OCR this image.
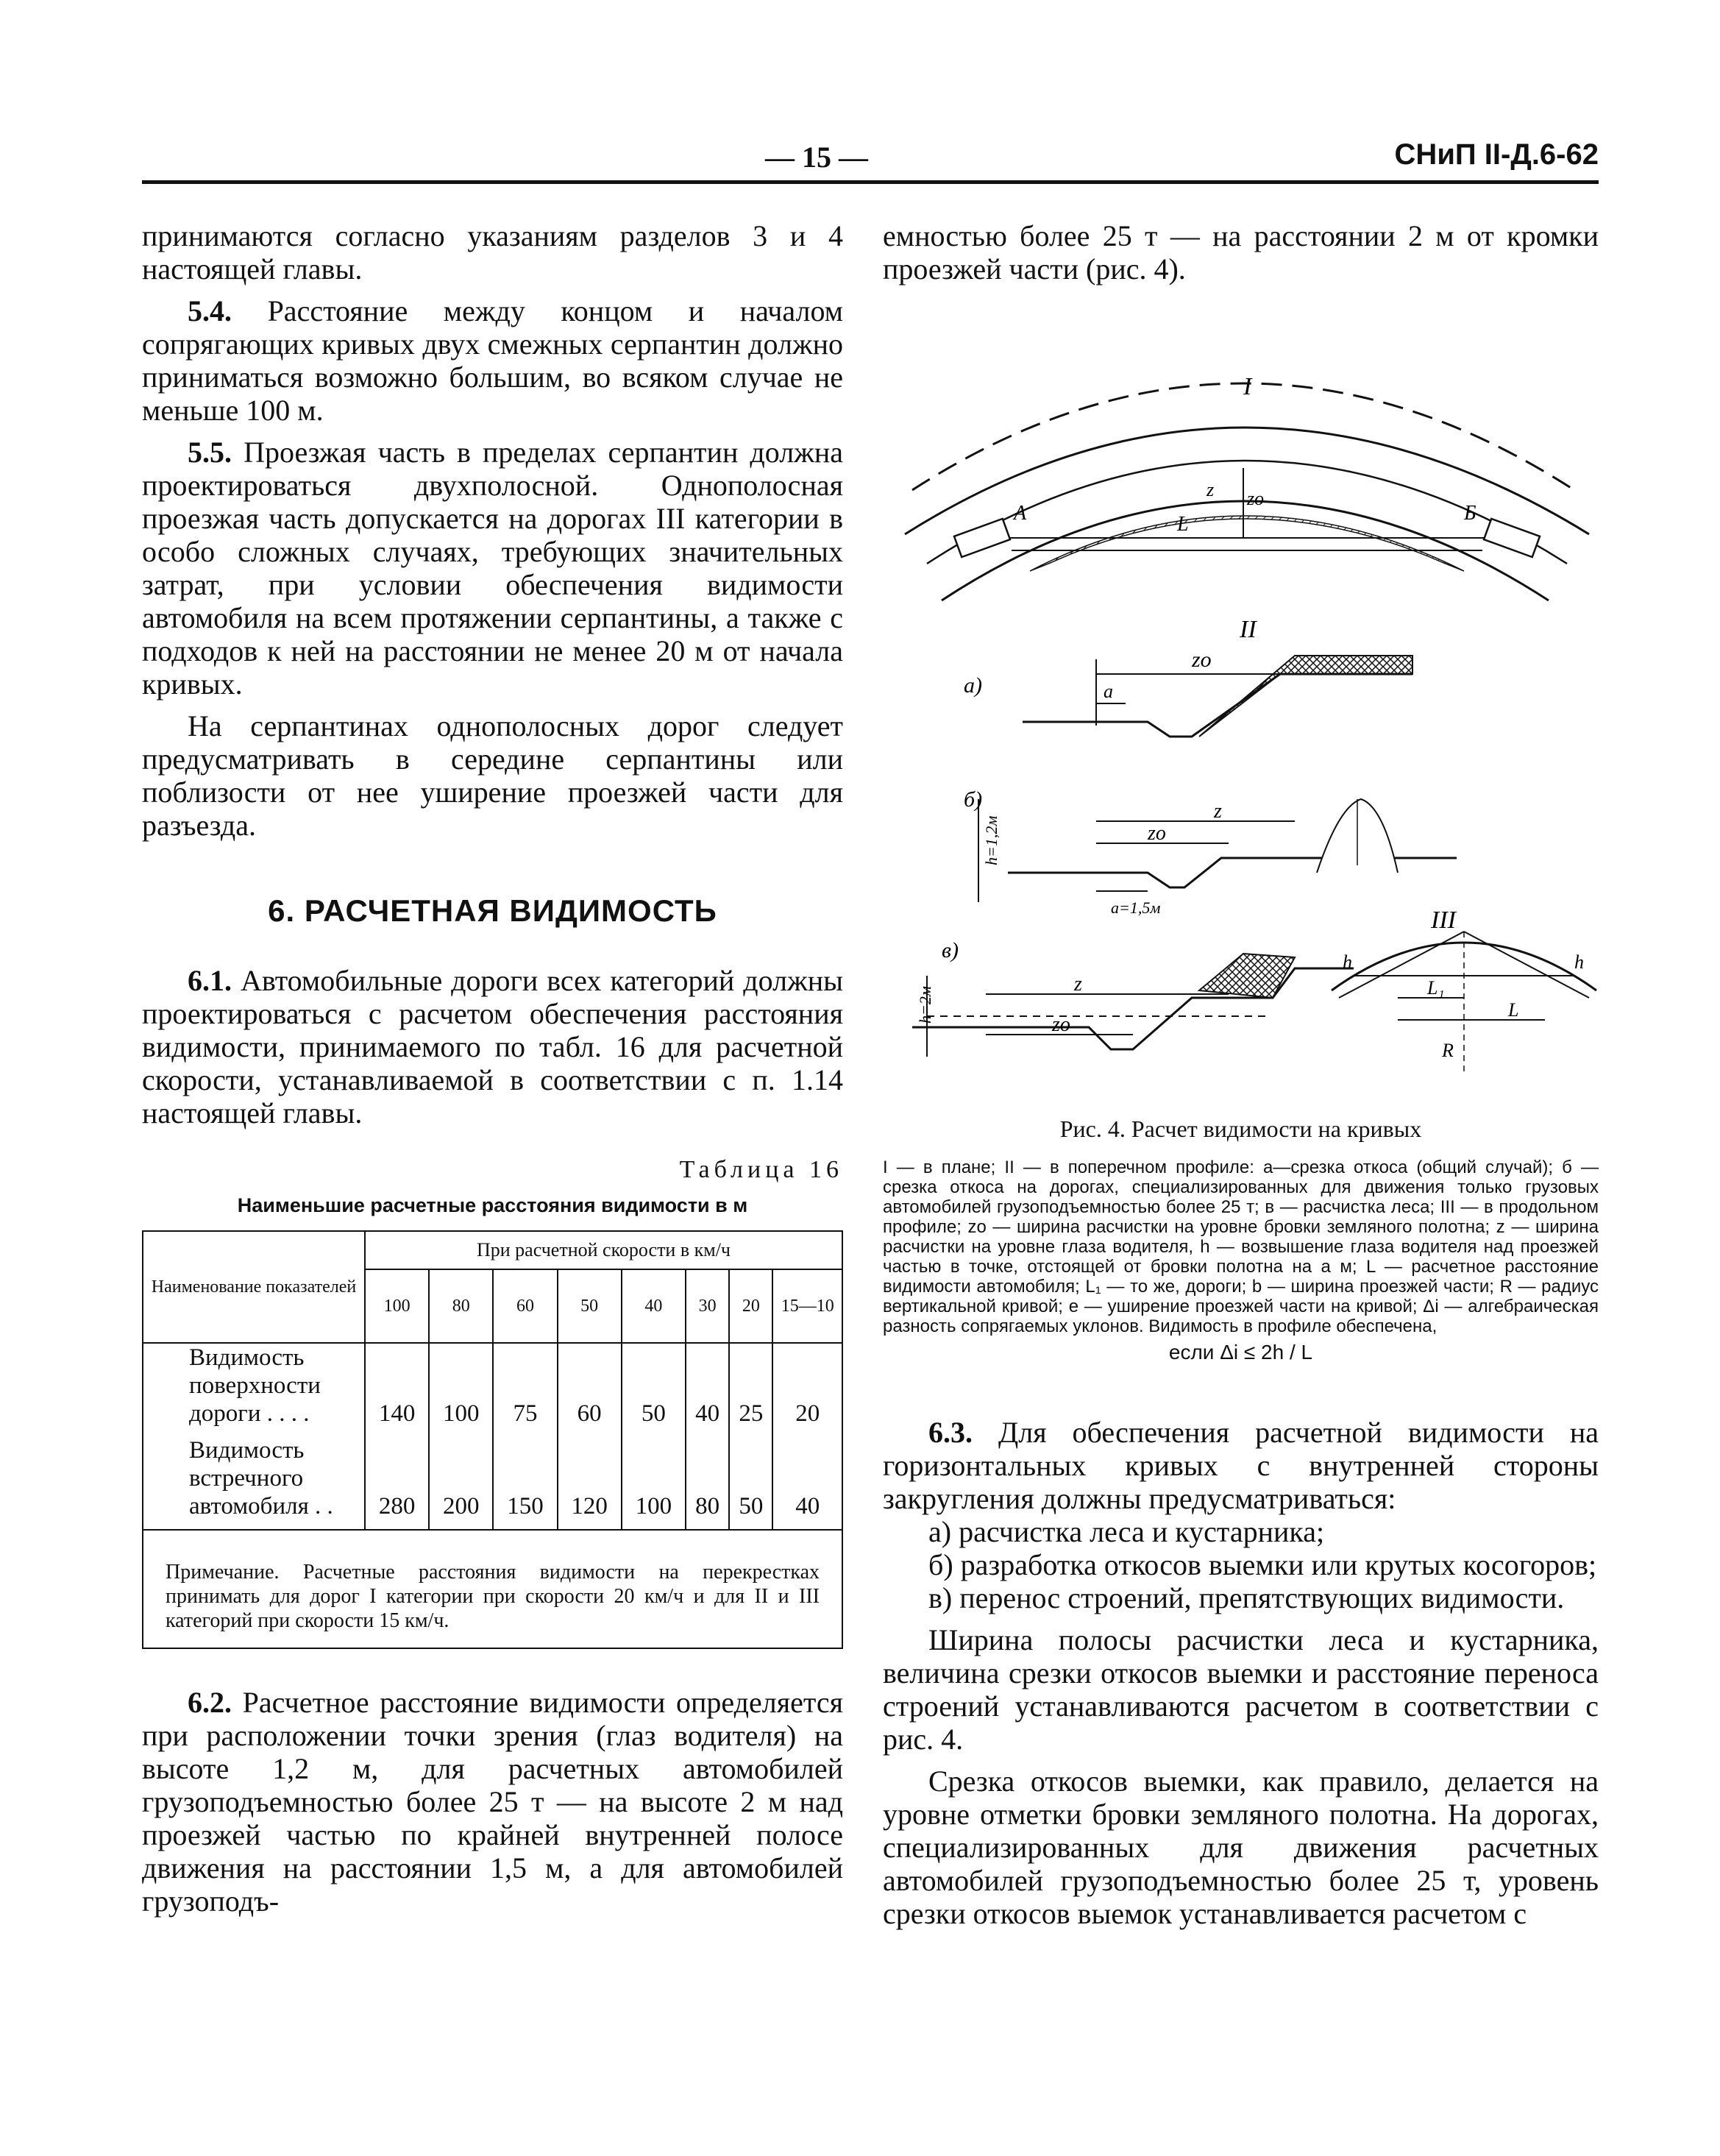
— 15 —	СНиП II-Д.6-62

принимаются согласно указаниям разделов 3 и 4 настоящей главы.

5.4. Расстояние между концом и началом сопрягающих кривых двух смежных серпантин должно приниматься возможно большим, во всяком случае не меньше 100 м.

5.5. Проезжая часть в пределах серпантин должна проектироваться двухполосной. Однополосная проезжая часть допускается на дорогах III категории в особо сложных случаях, требующих значительных затрат, при условии обеспечения видимости автомобиля на всем протяжении серпантины, а также с подходов к ней на расстоянии не менее 20 м от начала кривых.

На серпантинах однополосных дорог следует предусматривать в середине серпантины или поблизости от нее уширение проезжей части для разъезда.

6. РАСЧЕТНАЯ ВИДИМОСТЬ

6.1. Автомобильные дороги всех категорий должны проектироваться с расчетом обеспечения расстояния видимости, принимаемого по табл. 16 для расчетной скорости, устанавливаемой в соответствии с п. 1.14 настоящей главы.

Таблица 16
Наименьшие расчетные расстояния видимости в м
Наименование показателей	При расчетной скорости в км/ч							
	100	80	60	50	40	30	20	15—10
Видимость поверхности дороги . . . .	140	100	75	60	50	40	25	20
Видимость встречного автомобиля . .	280	200	150	120	100	80	50	40
Примечание. Расчетные расстояния видимости на перекрестках принимать для дорог I категории при скорости 20 км/ч и для II и III категорий при скорости 15 км/ч.								

6.2. Расчетное расстояние видимости определяется при расположении точки зрения (глаз водителя) на высоте 1,2 м, для расчетных автомобилей грузоподъемностью более 25 т — на высоте 2 м над проезжей частью по крайней внутренней полосе движения на расстоянии 1,5 м, а для автомобилей грузоподъ-

емностью более 25 т — на расстоянии 2 м от кромки проезжей части (рис. 4).

I
А	Б
L
z zо
II
а)
zо
a
б)	z
zо
a=1,5м
h=1,2м
III
в)
z
zо
h=2м	L₁
L
R
h	h
Рис. 4. Расчет видимости на кривых
I — в плане; II — в поперечном профиле: а—срезка откоса (общий случай); б — срезка откоса на дорогах, специализированных для движения только грузовых автомобилей грузоподъемностью более 25 т; в — расчистка леса; III — в продольном профиле; zо — ширина расчистки на уровне бровки земляного полотна; z — ширина расчистки на уровне глаза водителя, h — возвышение глаза водителя над проезжей частью в точке, отстоящей от бровки полотна на а м; L — расчетное расстояние видимости автомобиля; L₁ — то же, дороги; b — ширина проезжей части; R — радиус вертикальной кривой; е — уширение проезжей части на кривой; Δi — алгебраическая разность сопрягаемых уклонов. Видимость в профиле обеспечена,
если Δi ≤ 2h / L

6.3. Для обеспечения расчетной видимости на горизонтальных кривых с внутренней стороны закругления должны предусматриваться:

а) расчистка леса и кустарника;

б) разработка откосов выемки или крутых косогоров;

в) перенос строений, препятствующих видимости.

Ширина полосы расчистки леса и кустарника, величина срезки откосов выемки и расстояние переноса строений устанавливаются расчетом в соответствии с рис. 4.

Срезка откосов выемки, как правило, делается на уровне отметки бровки земляного полотна. На дорогах, специализированных для движения расчетных автомобилей грузоподъемностью более 25 т, уровень срезки откосов выемок устанавливается расчетом с
